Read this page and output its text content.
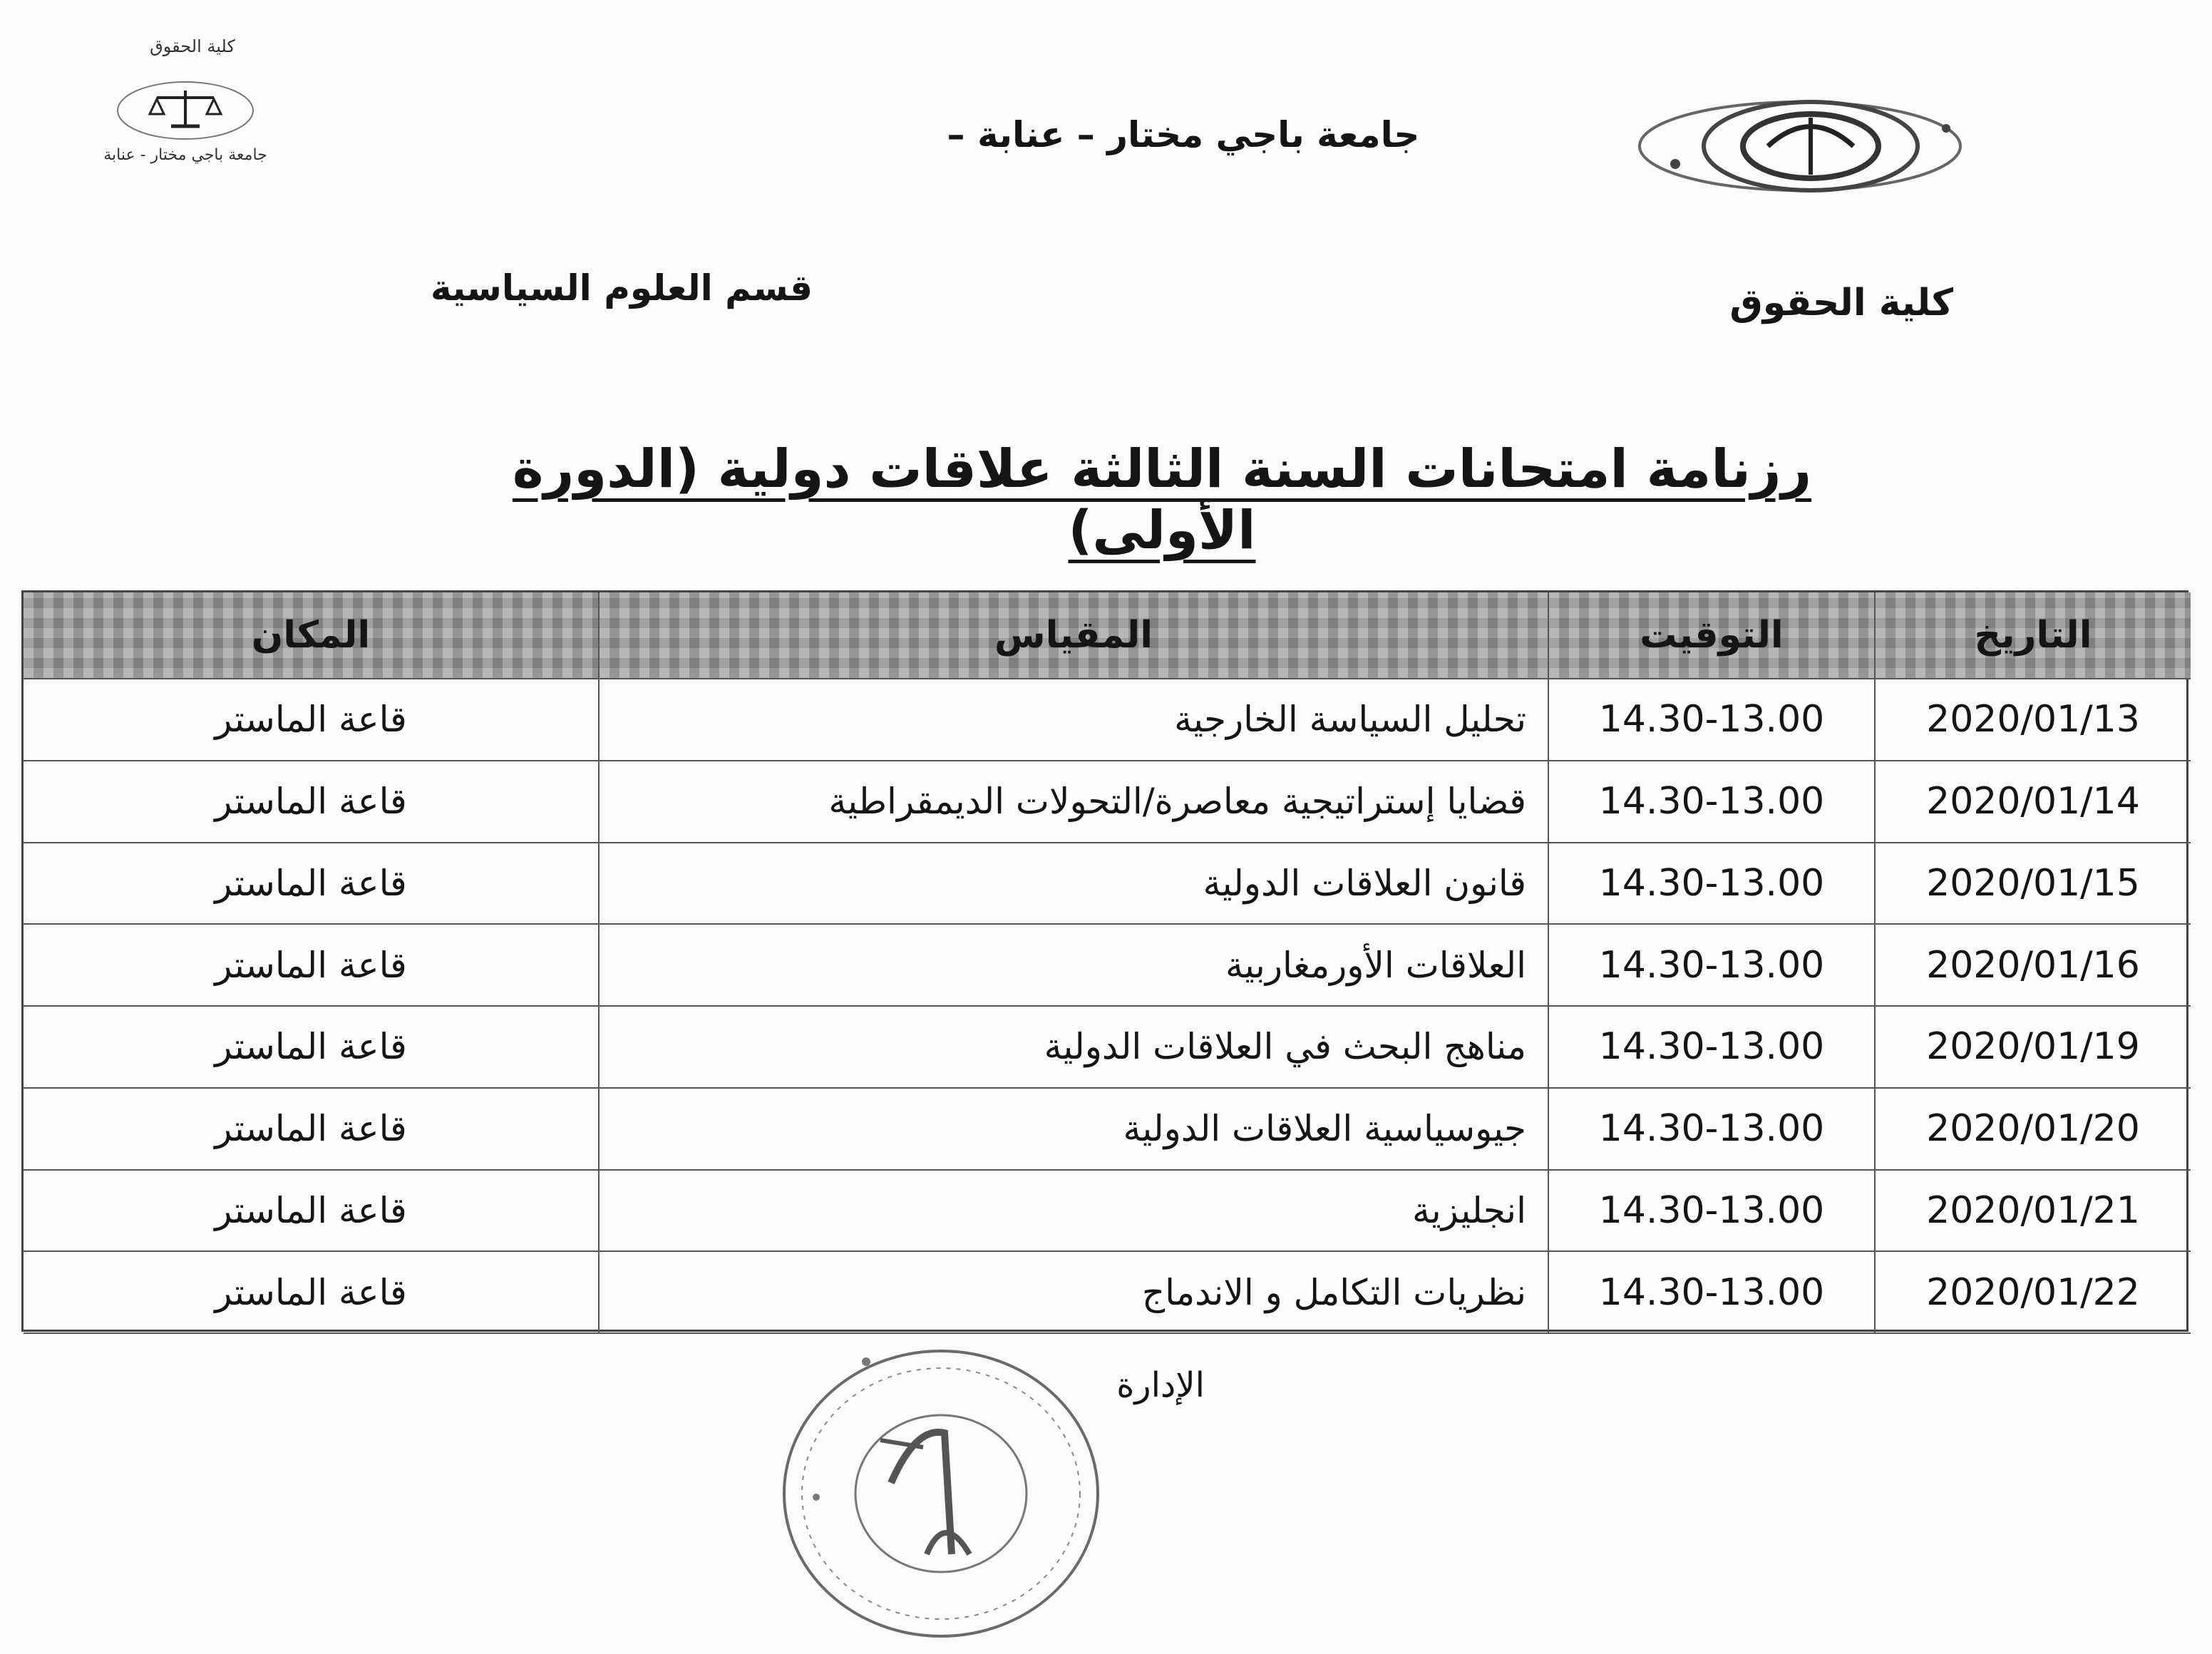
كلية الحقوق
جامعة باجي مختار - عنابة	جامعة باجي مختار – عنابة –
كلية الحقوق
قسم العلوم السياسية
رزنامة امتحانات السنة الثالثة علاقات دولية (الدورة الأولى)
المكان	المقياس	التوقيت	التاريخ
قاعة الماستر	تحليل السياسة الخارجية	14.30-13.00	2020/01/13
قاعة الماستر	قضايا إستراتيجية معاصرة/التحولات الديمقراطية	14.30-13.00	2020/01/14
قاعة الماستر	قانون العلاقات الدولية	14.30-13.00	2020/01/15
قاعة الماستر	العلاقات الأورمغاربية	14.30-13.00	2020/01/16
قاعة الماستر	مناهج البحث في العلاقات الدولية	14.30-13.00	2020/01/19
قاعة الماستر	جيوسياسية العلاقات الدولية	14.30-13.00	2020/01/20
قاعة الماستر	انجليزية	14.30-13.00	2020/01/21
قاعة الماستر	نظريات التكامل و الاندماج	14.30-13.00	2020/01/22
الإدارة
